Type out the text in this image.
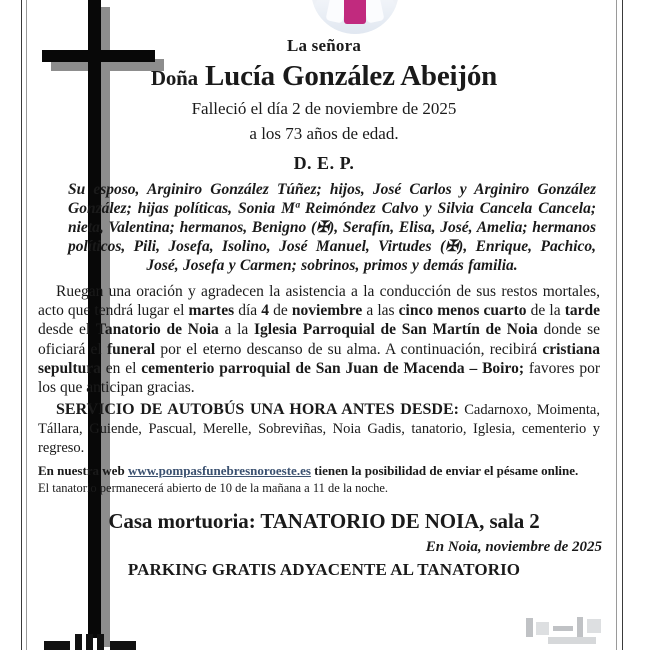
La señora

Doña Lucía González Abeijón

Falleció el día 2 de noviembre de 2025

a los 73 años de edad.

D. E. P.

Su esposo, Arginiro González Túñez; hijos, José Carlos y Arginiro González González; hijas políticas, Sonia Mª Reimóndez Calvo y Silvia Cancela Cancela; nieta, Valentina; hermanos, Benigno (✠), Serafín, Elisa, José, Amelia; hermanos políticos, Pili, Josefa, Isolino, José Manuel, Virtudes (✠), Enrique, Pachico, José, Josefa y Carmen; sobrinos, primos y demás familia.

Ruegan una oración y agradecen la asistencia a la conducción de sus restos mortales, acto que tendrá lugar el martes día 4 de noviembre a las cinco menos cuarto de la tarde desde el Tanatorio de Noia a la Iglesia Parroquial de San Martín de Noia donde se oficiará el funeral por el eterno descanso de su alma. A continuación, recibirá cristiana sepultura en el cementerio parroquial de San Juan de Macenda – Boiro; favores por los que anticipan gracias.

SERVICIO DE AUTOBÚS UNA HORA ANTES DESDE: Cadarnoxo, Moimenta, Tállara, Guiende, Pascual, Merelle, Sobreviñas, Noia Gadis, tanatorio, Iglesia, cementerio y regreso.

En nuestra web www.pompasfunebresnoroeste.es tienen la posibilidad de enviar el pésame online.

El tanatorio permanecerá abierto de 10 de la mañana a 11 de la noche.

Casa mortuoria: TANATORIO DE NOIA, sala 2

En Noia, noviembre de 2025

PARKING GRATIS ADYACENTE AL TANATORIO
